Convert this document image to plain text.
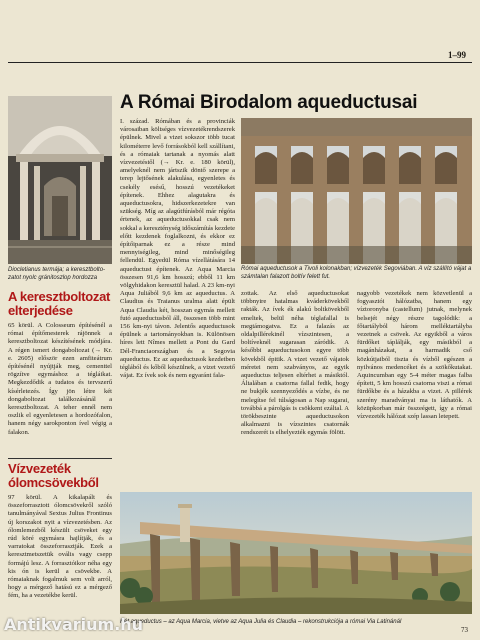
1–99
Diocletianus termája; a keresztbolto-zatot nyolc gránitoszlop hordozza
A keresztboltozat elterjedése
65 körül. A Colosseum építésénél a római építőmesterek rájönnek a keresztboltozat készítésének módjára. A régen ismert dongaboltozat (→ Kr. e. 2605) először ezen amfiteátrum építésénél nyújtják meg, cementtel rögzítve egymáshoz a tégláikat. Megkezdődik a tudatos és tervszerű kísérletezés. Így jön létre két dongaboltozat találkozásánál a keresztboltozat. A teher ennél nem oszlik el egyenletesen a hordozófalon, hanem négy sarokponton ível végig a falakon.
Vízvezeték ólomcsövekből
97 körül. A kikalapált és összeforrasztott ólomcsövekről szóló tanulmányával Sextus Julius Frontinus új korszakot nyit a vízvezetésben. Az ólomlemezből készült csöveket egy rúd köré egymásra hajlítják, és a varratokat összeforrasztják. Ezek a keresztmetszetük ovális vagy csepp formájú lesz. A forrasztóikor néha egy kis ón is kerül a csövekbe. A rómaiaknak fogalmuk sem volt arról, hogy a mérgező hatású ez a mérgező fém, ha a vezetékbe kerül.
A Római Birodalom aqueductusai
I. század. Rómában és a provinciák városaiban költséges vízvezetékrendszerek épülnek. Mivel a vizet sokszor több tucat kilométerre levő forrásokból kell szállítani, és a rómaiak tartanak a nyomás alatt vízvezetéstől (→ Kr. e. 180 körül), amelyeknél nem jártszik döntő szerepe a terep lejtősének alakulása, egyenletes és csekély esésű, hosszú vezetékeket építenek. Ehhez alagutakra és aqueductusokra, hidszerkezetekre van szükség. Míg az alagútfúrásból már régóta értenek, az aqueductusokkal csak nem sokkal a kereszténység időszámítás kezdete előtt kezdenek foglalkozni, és ekkor ez építőiparnak ez a része mind mennyiségileg, mind minőségileg fellendül. Egyedül Róma vízellátására 14 aqueductust építenek. Az Aqua Marcia összesen 91,6 km hosszú; ebből 11 km völgyhidakon keresztül halad. A 23 km-nyi Aqua Juliából 9,6 km az aqueductus. A Claudius és Traianus uralma alatt épült Aqua Claudia két, hosszan egymás mellett futó aqueductusból áll, összesen több mint 156 km-nyi távon. Jelentős aqueductusok épülnek a tartományokban is. Különösen híres lett Nîmes mellett a Pont du Gard Dél-Franciaországban és a Segovia aqueductus. Ez az aqueductusok kezdetben téglából és kőből készülnek, a vizet vezető vájat. Ez ívek sok és nem egyaránt fala-
Római aqueductusok a Tivoli kolonakban; vízvezeték Segoviában. A víz szállító vájat a számtalan falazott boltív felett fut.
zottak. Az első aqueductusokat többnyire hatalmas kváderkövekből rakták. Az ívek ék alakú boltkövekből emeltek, belül néha téglafallal is megtámogatva. Ez a falazás az oldalpillérekinél vízszintesen, a boltíveknél sugarasan záródik. A későbbi aqueductusokon egyre több kövekből épitik. A vizet vezető vájatok méretei nem szabványos, az egyik aqueductus teljesen eltérhet a másiktól. Általában a csatorna fallal fedik, hogy ne bukjék szennyeződés a vízbe, és ne melegítse fel túlságosan a Nap sugarai, továbbá a párolgás is csökkent ezáltal. A törökbeszinte aqueductusokon alkalmazni is vízszintes csatornák rendszerét is elhelyezték egymás fölött.
nagyobb vezetékek nem közvetlenül a fogyasztói hálózatba, hanem egy víztoronyba (castellum) jutnak, melynek belsejét négy részre tagolódik: a főtartályból három melléktartályba vezetnek a csövek. Az egyikből a város fürdőket táplálják, egy másikból a magánházakat, a harmadik cső közkútjaiból tiszta és vízből egészen a nyilvános medencéket és a szökőkutakat. Aquincumban egy 5-4 méter magas falba épített, 5 km hosszú csatorna viszi a római fürdőkbe és a házakba a vizet. A pillérek szerény maradványai ma is láthatók. A közüpkorban már összeégett, így a római vízvezeték hálózat szép lassan letepett.
Két aqueductus – az Aqua Marcia, vietve az Aqua Julia és Claudia – rekonstrukciója a római Via Latinánál
Antikvarium.hu	73
